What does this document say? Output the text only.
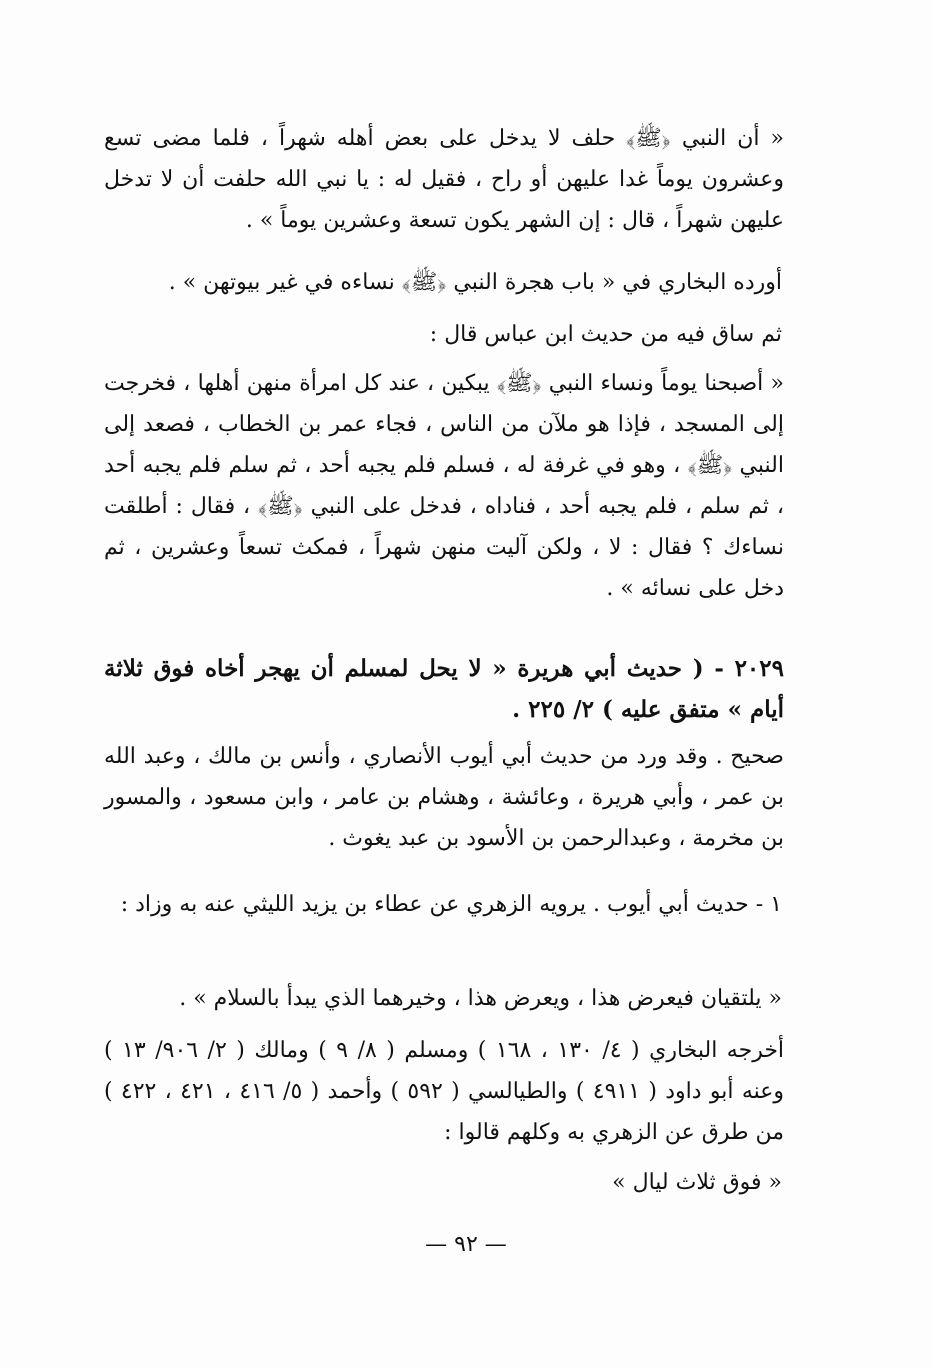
« أن النبي ﴿ﷺ﴾ حلف لا يدخل على بعض أهله شهراً ، فلما مضى تسع وعشرون يوماً غدا عليهن أو راح ، فقيل له : يا نبي الله حلفت أن لا تدخل عليهن شهراً ، قال : إن الشهر يكون تسعة وعشرين يوماً » .

أورده البخاري في « باب هجرة النبي ﴿ﷺ﴾ نساءه في غير بيوتهن » .

ثم ساق فيه من حديث ابن عباس قال :

« أصبحنا يوماً ونساء النبي ﴿ﷺ﴾ يبكين ، عند كل امرأة منهن أهلها ، فخرجت إلى المسجد ، فإذا هو ملآن من الناس ، فجاء عمر بن الخطاب ، فصعد إلى النبي ﴿ﷺ﴾ ، وهو في غرفة له ، فسلم فلم يجبه أحد ، ثم سلم فلم يجبه أحد ، ثم سلم ، فلم يجبه أحد ، فناداه ، فدخل على النبي ﴿ﷺ﴾ ، فقال : أطلقت نساءك ؟ فقال : لا ، ولكن آليت منهن شهراً ، فمكث تسعاً وعشرين ، ثم دخل على نسائه » .

٢٠٢٩ - ( حديث أبي هريرة « لا يحل لمسلم أن يهجر أخاه فوق ثلاثة أيام » متفق عليه ) ٢/ ٢٢٥ .

صحيح . وقد ورد من حديث أبي أيوب الأنصاري ، وأنس بن مالك ، وعبد الله بن عمر ، وأبي هريرة ، وعائشة ، وهشام بن عامر ، وابن مسعود ، والمسور بن مخرمة ، وعبدالرحمن بن الأسود بن عبد يغوث .

١ - حديث أبي أيوب . يرويه الزهري عن عطاء بن يزيد الليثي عنه به وزاد :

« يلتقيان فيعرض هذا ، ويعرض هذا ، وخيرهما الذي يبدأ بالسلام » .

أخرجه البخاري ( ٤/ ١٣٠ ، ١٦٨ ) ومسلم ( ٨/ ٩ ) ومالك ( ٢/ ٩٠٦/ ١٣ ) وعنه أبو داود ( ٤٩١١ ) والطيالسي ( ٥٩٢ ) وأحمد ( ٥/ ٤١٦ ، ٤٢١ ، ٤٢٢ ) من طرق عن الزهري به وكلهم قالوا :

« فوق ثلاث ليال »

— ٩٢ —
